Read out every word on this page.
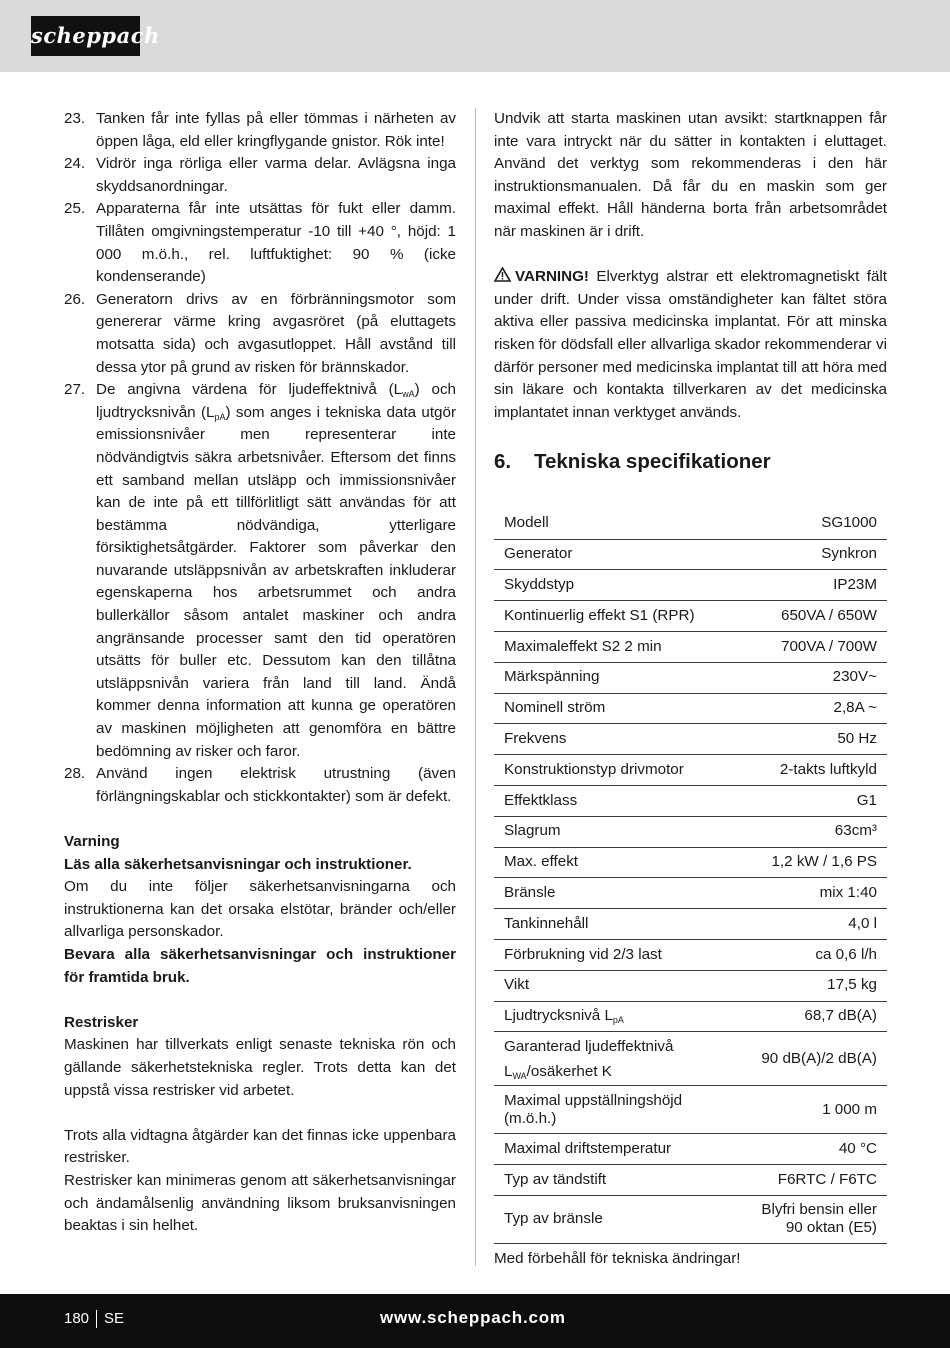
scheppach
23. Tanken får inte fyllas på eller tömmas i närheten av öppen låga, eld eller kringflygande gnistor. Rök inte!
24. Vidrör inga rörliga eller varma delar. Avlägsna inga skyddsanordningar.
25. Apparaterna får inte utsättas för fukt eller damm. Tillåten omgivningstemperatur -10 till +40 °, höjd: 1 000 m.ö.h., rel. luftfuktighet: 90 % (icke kondenserande)
26. Generatorn drivs av en förbränningsmotor som genererar värme kring avgasröret (på eluttagets motsatta sida) och avgasutloppet. Håll avstånd till dessa ytor på grund av risken för brännskador.
27. De angivna värdena för ljudeffektnivå $(L_{wA})$ och ljudtrycksnivån $(L_{pA})$ som anges i tekniska data utgör emissionsnivåer men representerar inte nödvändigtvis säkra arbetsnivåer. Eftersom det finns ett samband mellan utsläpp och immissionsnivåer kan de inte på ett tillförlitligt sätt användas för att bestämma nödvändiga, ytterligare försiktighetsåtgärder. Faktorer som påverkar den nuvarande utsläppsnivån av arbetskraften inkluderar egenskaperna hos arbetsrummet och andra bullerkällor såsom antalet maskiner och andra angränsande processer samt den tid operatören utsätts för buller etc. Dessutom kan den tillåtna utsläppsnivån variera från land till land. Ändå kommer denna information att kunna ge operatören av maskinen möjligheten att genomföra en bättre bedömning av risker och faror.
28. Använd ingen elektrisk utrustning (även förlängningskablar och stickkontakter) som är defekt.
Varning
Läs alla säkerhetsanvisningar och instruktioner.
Om du inte följer säkerhetsanvisningarna och instruktionerna kan det orsaka elstötar, bränder och/eller allvarliga personskador.
Bevara alla säkerhetsanvisningar och instruktioner för framtida bruk.
Restrisker
Maskinen har tillverkats enligt senaste tekniska rön och gällande säkerhetstekniska regler. Trots detta kan det uppstå vissa restrisker vid arbetet.
Trots alla vidtagna åtgärder kan det finnas icke uppenbara restrisker.
Restrisker kan minimeras genom att säkerhetsanvisningar och ändamålsenlig användning liksom bruksanvisningen beaktas i sin helhet.
Undvik att starta maskinen utan avsikt: startknappen får inte vara intryckt när du sätter in kontakten i eluttaget. Använd det verktyg som rekommenderas i den här instruktionsmanualen. Då får du en maskin som ger maximal effekt. Håll händerna borta från arbetsområdet när maskinen är i drift.
VARNING! Elverktyg alstrar ett elektromagnetiskt fält under drift. Under vissa omständigheter kan fältet störa aktiva eller passiva medicinska implantat. För att minska risken för dödsfall eller allvarliga skador rekommenderar vi därför personer med medicinska implantat till att höra med sin läkare och kontakta tillverkaren av det medicinska implantatet innan verktyget används.
6.	Tekniska specifikationer
Modell	SG1000
Generator	Synkron
Skyddstyp	IP23M
Kontinuerlig effekt S1 (RPR)	650VA / 650W
Maximaleffekt S2 2 min	700VA / 700W
Märkspänning	230V~
Nominell ström	2,8A ~
Frekvens	50 Hz
Konstruktionstyp drivmotor	2-takts luftkyld
Effektklass	G1
Slagrum	63cm³
Max. effekt	1,2 kW / 1,6 PS
Bränsle	mix 1:40
Tankinnehåll	4,0 l
Förbrukning vid 2/3 last	ca 0,6 l/h
Vikt	17,5 kg
Ljudtrycksnivå $L_{pA}$	68,7 dB(A)

Garanterad ljudeffektnivå
$L_{WA}$/osäkerhet K	90 dB(A)/2 dB(A)

Maximal uppställningshöjd
(m.ö.h.)	1 000 m
Maximal driftstemperatur	40 °C
Typ av tändstift	F6RTC / F6TC
Typ av bränsle	Blyfri bensin eller
90 oktan (E5)
Med förbehåll för tekniska ändringar!
180 SE	www.scheppach.com
